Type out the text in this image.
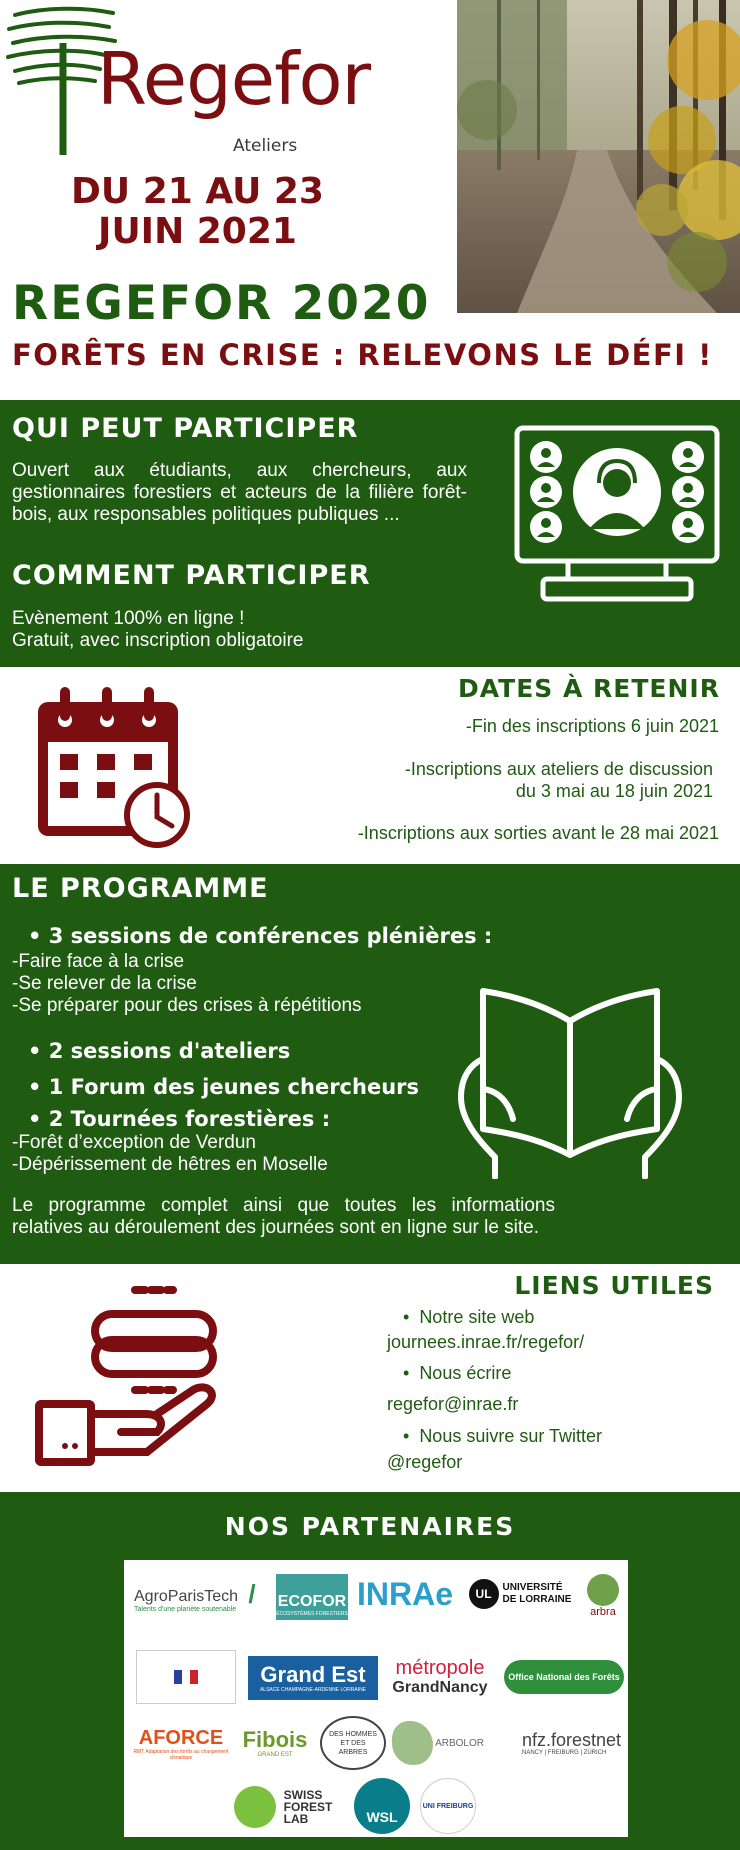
Regefor
Ateliers
DU 21 AU 23
JUIN 2021
REGEFOR 2020
FORÊTS EN CRISE : RELEVONS LE DÉFI !
QUI PEUT PARTICIPER
Ouvert aux étudiants, aux chercheurs, aux gestionnaires forestiers et acteurs de la filière forêt-bois, aux responsables politiques publiques ...
COMMENT PARTICIPER
Evènement 100% en ligne !
Gratuit, avec inscription obligatoire
DATES À RETENIR
-Fin des inscriptions 6 juin 2021
-Inscriptions aux ateliers de discussion
du 3 mai au 18 juin 2021
-Inscriptions aux sorties avant le 28 mai 2021
LE PROGRAMME
• 3 sessions de conférences plénières :
-Faire face à la crise
-Se relever de la crise
-Se préparer pour des crises à répétitions
• 2 sessions d'ateliers
• 1 Forum des jeunes chercheurs
• 2 Tournées forestières :
-Forêt d’exception de Verdun
-Dépérissement de hêtres en Moselle
Le programme complet ainsi que toutes les informations relatives au déroulement des journées sont en ligne sur le site.
LIENS UTILES
•  Notre site web
journees.inrae.fr/regefor/
•  Nous écrire
regefor@inrae.fr
•  Nous suivre sur Twitter
@regefor
NOS PARTENAIRES
AgroParisTech
Talents d'une planète soutenable
/	ECOFOR
ÉCOSYSTÈMES FORESTIERS
INRAe	UL	UNIVERSITÉ
DE LORRAINE
arbra
Grand Est
ALSACE CHAMPAGNE-ARDENNE LORRAINE
métropole
GrandNancy
Office National des Forêts
AFORCE
RMT Adaptation des forêts au changement climatique
Fibois
GRAND EST
DES HOMMES ET DES ARBRES
ARBOLOR	nfz.forestnet
NANCY | FREIBURG | ZÜRICH
SWISS
FOREST
LAB	WSL
UNI FREIBURG
